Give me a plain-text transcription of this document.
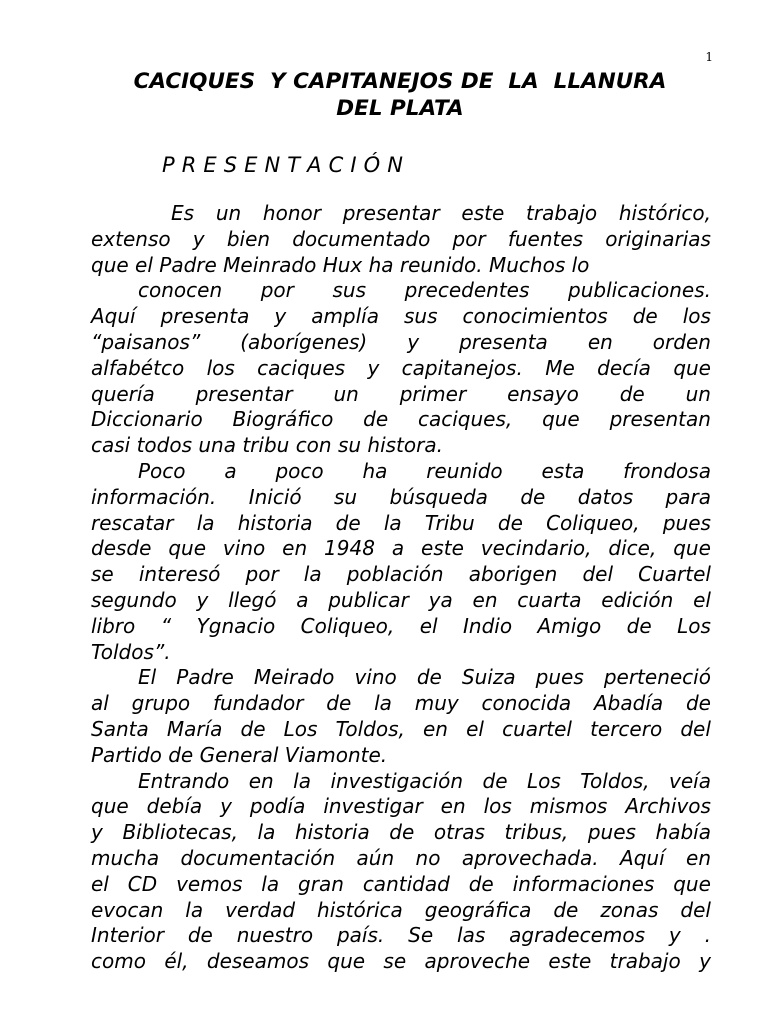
1
CACIQUES  Y CAPITANEJOS DE  LA  LLANURA
DEL PLATA
P R E S E N T A C I Ó N
Es un honor presentar este trabajo histórico,
extenso y bien documentado por fuentes originarias
que el Padre Meinrado Hux ha reunido. Muchos lo
conocen por sus precedentes publicaciones.
Aquí presenta y amplía sus conocimientos de los
“paisanos” (aborígenes) y presenta en orden
alfabétco los caciques y capitanejos. Me decía que
quería presentar un primer ensayo de un
Diccionario Biográfico de caciques, que presentan
casi todos una tribu con su histora.
Poco a poco ha reunido esta frondosa
información. Inició su búsqueda de datos para
rescatar la historia de la Tribu de Coliqueo, pues
desde que vino en 1948 a este vecindario, dice, que
se interesó por la población aborigen del Cuartel
segundo y llegó a publicar ya en cuarta edición el
libro “ Ygnacio Coliqueo, el Indio Amigo de Los
Toldos”.
El Padre Meirado vino de Suiza pues perteneció
al grupo fundador de la muy conocida Abadía de
Santa María de Los Toldos, en el cuartel tercero del
Partido de General Viamonte.
Entrando en la investigación de Los Toldos, veía
que debía y podía investigar en los mismos Archivos
y Bibliotecas, la historia de otras tribus, pues había
mucha documentación aún no aprovechada. Aquí en
el CD vemos la gran cantidad de informaciones que
evocan la verdad histórica geográfica de zonas del
Interior de nuestro país. Se las agradecemos y .
como él, deseamos que se aproveche este trabajo y
